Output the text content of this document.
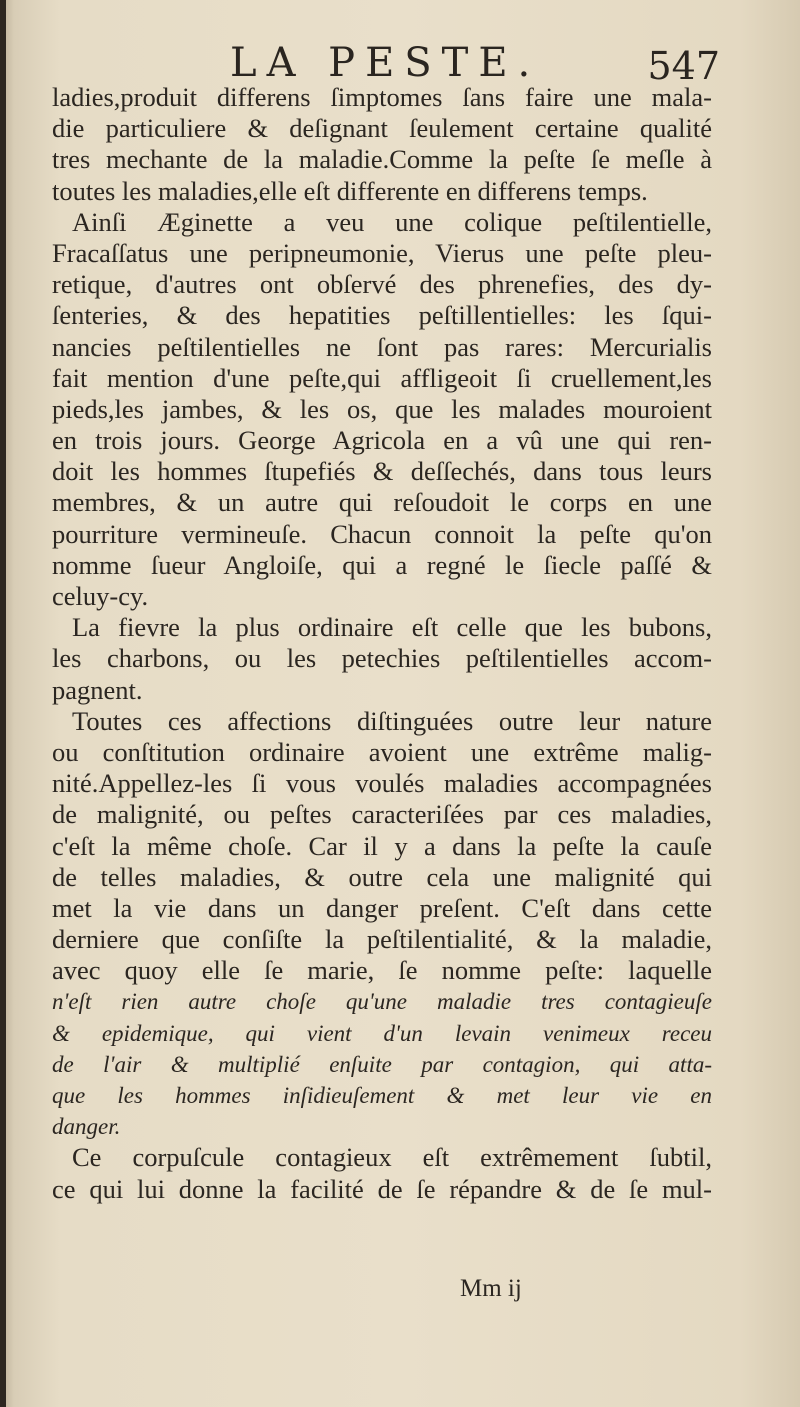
LA PESTE.	547
ladies,produit differens ſimptomes ſans faire une mala-
die particuliere & deſignant ſeulement certaine qualité
tres mechante de la maladie.Comme la peſte ſe meſle à
toutes les maladies,elle eſt differente en differens temps.
Ainſi Æginette a veu une colique peſtilentielle,
Fracaſſatus une peripneumonie, Vierus une peſte pleu-
retique, d'autres ont obſervé des phrenefies, des dy-
ſenteries, & des hepatities peſtillentielles: les ſqui-
nancies peſtilentielles ne ſont pas rares: Mercurialis
fait mention d'une peſte,qui affligeoit ſi cruellement,les
pieds,les jambes, & les os, que les malades mouroient
en trois jours. George Agricola en a vû une qui ren-
doit les hommes ſtupefiés & deſſechés, dans tous leurs
membres, & un autre qui reſoudoit le corps en une
pourriture vermineuſe. Chacun connoit la peſte qu'on
nomme ſueur Angloiſe, qui a regné le ſiecle paſſé &
celuy-cy.
La fievre la plus ordinaire eſt celle que les bubons,
les charbons, ou les petechies peſtilentielles accom-
pagnent.
Toutes ces affections diſtinguées outre leur nature
ou conſtitution ordinaire avoient une extrême malig-
nité.Appellez-les ſi vous voulés maladies accompagnées
de malignité, ou peſtes caracteriſées par ces maladies,
c'eſt la même choſe. Car il y a dans la peſte la cauſe
de telles maladies, & outre cela une malignité qui
met la vie dans un danger preſent. C'eſt dans cette
derniere que conſiſte la peſtilentialité, & la maladie,
avec quoy elle ſe marie, ſe nomme peſte: laquelle
n'eſt rien autre choſe qu'une maladie tres contagieuſe
& epidemique, qui vient d'un levain venimeux receu
de l'air & multiplié enſuite par contagion, qui atta-
que les hommes inſidieuſement & met leur vie en
danger.
Ce corpuſcule contagieux eſt extrêmement ſubtil,
ce qui lui donne la facilité de ſe répandre & de ſe mul-
Mm ij
